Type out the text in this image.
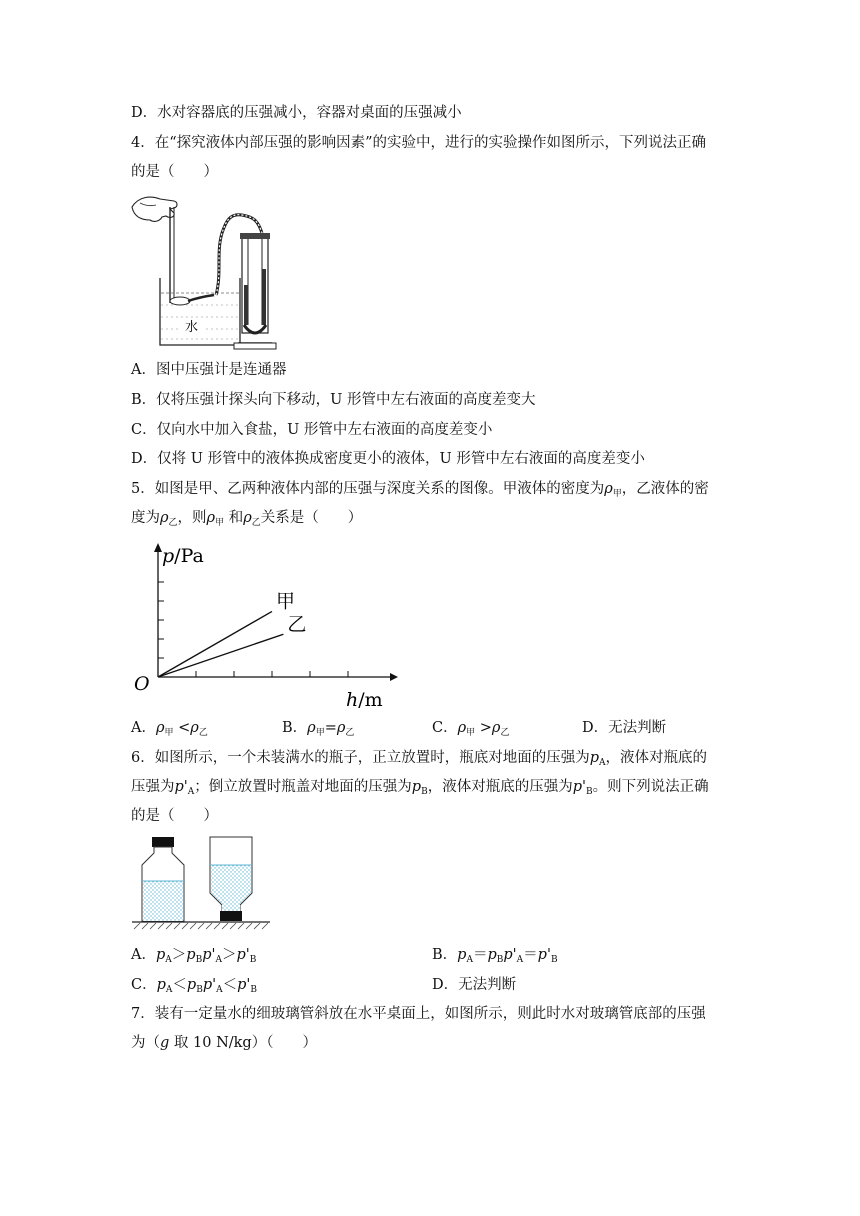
D．水对容器底的压强减小，容器对桌面的压强减小
4．在“探究液体内部压强的影响因素”的实验中，进行的实验操作如图所示，下列说法正确
的是（　　）
水
A．图中压强计是连通器
B．仅将压强计探头向下移动，U 形管中左右液面的高度差变大
C．仅向水中加入食盐，U 形管中左右液面的高度差变小
D．仅将 U 形管中的液体换成密度更小的液体，U 形管中左右液面的高度差变小
5．如图是甲、乙两种液体内部的压强与深度关系的图像。甲液体的密度为$\rho_甲$，乙液体的密
度为$\rho_乙$，则$\rho_甲$ 和$\rho_乙$关系是（　　）
p/Pa
h/m
O
甲
乙
A．$\rho_甲 <\rho_乙$	B．$\rho_甲=\rho_乙$	C．$\rho_甲 >\rho_乙$	D．无法判断
6．如图所示，一个未装满水的瓶子，正立放置时，瓶底对地面的压强为$p_A$，液体对瓶底的
压强为$p'_A$；倒立放置时瓶盖对地面的压强为$p_B$，液体对瓶底的压强为$p'_B$。则下列说法正确
的是（　　）
A．$p_A>p_Bp'_A>p'_B$	B．$p_A=p_Bp'_A=p'_B$
C．$p_A<p_Bp'_A<p'_B$	D．无法判断
7．装有一定量水的细玻璃管斜放在水平桌面上，如图所示，则此时水对玻璃管底部的压强
为（g 取 10 N/kg）（　　）
